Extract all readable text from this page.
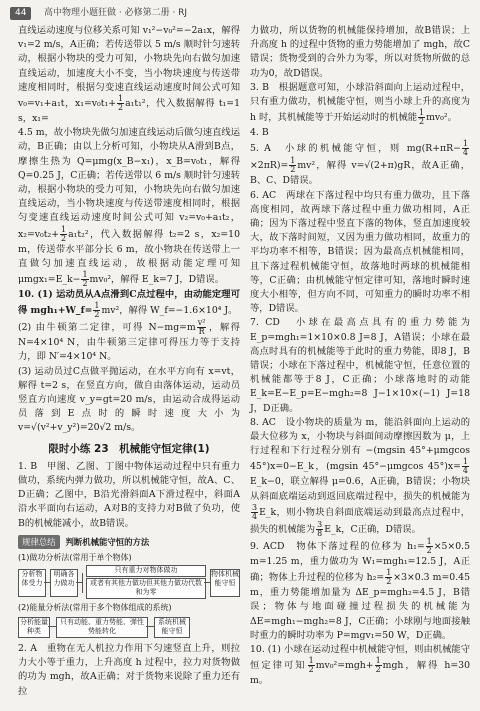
44	高中物理小题狂做 · 必修第二册 · RJ

直线运动速度与位移关系可知 v₁²−v₀²=−2a₁x，解得 v₁=2 m/s，A正确；若传送带以 5 m/s 顺时针匀速转动，根据小物块的受力可知，小物块先向右做匀加速直线运动，加速度大小不变，当小物块速度与传送带速度相同时，根据匀变速直线运动速度时间公式可知 v₀=v₁+a₁t，$x_1=v_0t_1+ \frac{1}{2} a_1t_1^2$，代入数据解得 t₁=1 s，x₁=

4.5 m，故小物块先做匀加速直线运动后做匀速直线运动，B正确；由以上分析可知，小物块从A滑到B点，摩擦生热为 Q=μmg(x_B−x₁)，x_B=v₀t₁，解得 Q=0.25 J，C正确；若传送带以 6 m/s 顺时针匀速转动，根据小物块的受力可知，小物块先向右做匀加速直线运动，当小物块速度与传送带速度相同时，根据匀变速直线运动速度时间公式可知 v₂=v₀+a₁t₂，$x_2=v_0t_2+ \frac{1}{2} a_1t_2^2$，代入数据解得 t₂=2 s，x₂=10 m，传送带水平部分长 6 m，故小物块在传送带上一直做匀加速直线运动，故根据动能定理可知 μmgx₁=E_k− $\frac{1}{2} mv_0^2$，解得 E_k=7 J，D错误。

10. (1) 运动员从A点滑到C点过程中，由动能定理可得 mgh₁+W_f= $\frac{1}{2} mv^2$，解得 W_f=−1.6×10⁴ J。

(2) 由牛顿第二定律，可得 $N-mg=m \frac{\text{v²}}{R}$ ，解得 N=4×10⁴ N，由牛顿第三定律可得压力等于支持力，即 N′=4×10⁴ N。

(3) 运动员过C点做平抛运动，在水平方向有 x=vt，解得 t=2 s，在竖直方向，做自由落体运动，运动员竖直方向速度 v_y=gt=20 m/s，由运动合成得运动员落到E点时的瞬时速度大小为 v=√(v²+v_y²)=20√2 m/s。

限时小练 23　机械能守恒定律(1)

1. B　甲图、乙图、丁图中物体运动过程中只有重力做功，系统内弹力做功，所以机械能守恒，故A、C、D正确；乙图中，B沿光滑斜面A下滑过程中，斜面A沿水平面向右运动，A对B的支持力对B做了负功，使B的机械能减小，故B错误。

规律总结	判断机械能守恒的方法
(1)做功分析法(常用于单个物体)
分析物体受力
明确各力做功
只有重力对物体做功
或者有其他力做功但其他力做功代数和为零
物体机械能守恒
(2)能量分析法(常用于多个物体组成的系统)
分析能量种类
只有动能、重力势能、弹性势能转化
系统机械能守恒

2. A　重物在无人机拉力作用下匀速竖直上升，则拉力大小等于重力，上升高度 h 过程中，拉力对货物做的功为 mgh，故A正确；对于货物来说除了重力还有拉

力做功，所以货物的机械能保持增加，故B错误；上升高度 h 的过程中货物的重力势能增加了 mgh，故C错误；货物受到的合外力为零，所以对货物所做的总功为0，故D错误。

3. B　根据题意可知，小球沿斜面向上运动过程中，只有重力做功，机械能守恒，则当小球上升的高度为 h 时，其机械能等于开始运动时的机械能 $\frac{1}{2} mv_0^2$。

4. B

5. A　小球的机械能守恒，则 $mg(R+\pi R- \frac{1}{4}$
$\times 2\pi R)= \frac{1}{2} mv^2$，解得 v=√(2+π)gR，故A正确，B、C、D错误。

6. AC　两球在下落过程中均只有重力做功，且下落高度相同，故两球下落过程中重力做功相同，A正确；因为下落过程中竖直下落的物体，竖直加速度较大，故下落时间短，又因为重力做功相同，故重力的平均功率不相等，B错误；因为最高点机械能相同，且下落过程机械能守恒，故落地时两球的机械能相等，C正确；由机械能守恒定律可知，落地时瞬时速度大小相等，但方向不同，可知重力的瞬时功率不相等，D错误。

7. CD　小球在最高点具有的重力势能为 E_p=mgh₁=1×10×0.8 J=8 J，A错误；小球在最高点时具有的机械能等于此时的重力势能，即8 J，B错误；小球在下落过程中，机械能守恒，任意位置的机械能都等于8 J，C正确；小球落地时的动能 E_k=E−E_p=E−mgh₂=8 J−1×10×(−1) J=18 J，D正确。

8. AC　设小物块的质量为 m，能沿斜面向上运动的最大位移为 x，小物块与斜面间动摩擦因数为 μ，上行过程和下行过程分别有 −(mgsin 45°+μmgcos 45°)x=0−E_k，(mgsin 45°−μmgcos $45^\circ)x= \frac{1}{4}$
E_k−0，联立解得 μ=0.6，A正确，B错误；小物块从斜面底端运动到返回底端过程中，损失的机械能为
$\frac{3}{4}$ E_k，则小物块自斜面底端运动到最高点过程中，损失的机械能为 $\frac{3}{8}$ E_k，C正确，D错误。

9. ACD　物体下落过程的位移为 $h_1= \frac{1}{2} \times 5\times 0.5$ m=1.25 m，重力做功为 W₁=mgh₁=12.5 J，A正确；物体上升过程的位移为 $h_2= \frac{1}{2} \times 3\times 0.3$ m=0.45 m，重力势能增加量为 ΔE_p=mgh₂=4.5 J，B错误；物体与地面碰撞过程损失的机械能为 ΔE=mgh₁−mgh₂=8 J，C正确；小球刚与地面接触时重力的瞬时功率为 P=mgv₁=50 W，D正确。

10. (1) 小球在运动过程中机械能守恒，则由机械能守恒定律可知 $\frac{1}{2} mv_0^2=mgh+ \frac{1}{2}$ mgh，解得 h=30 m。
